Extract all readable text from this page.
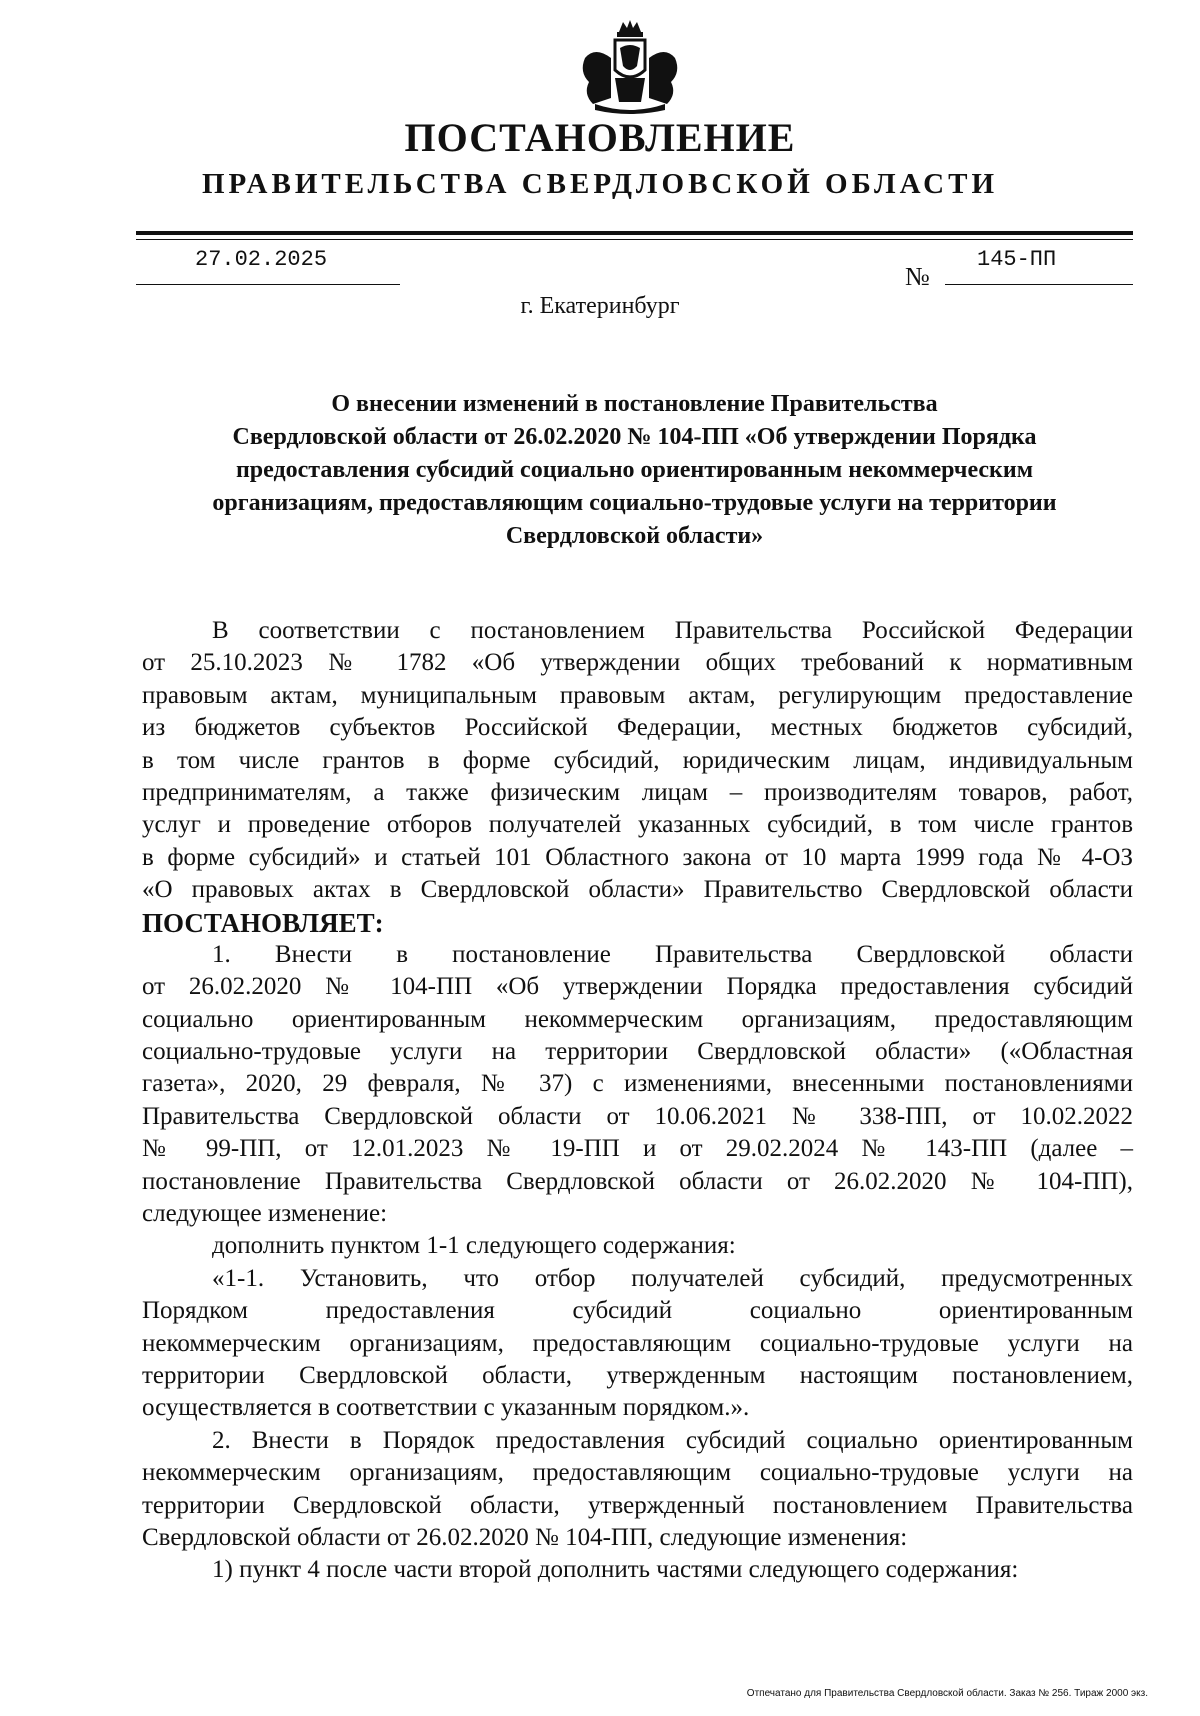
ПОСТАНОВЛЕНИЕ
ПРАВИТЕЛЬСТВА СВЕРДЛОВСКОЙ ОБЛАСТИ
27.02.2025
№
145-ПП
г. Екатеринбург
О внесении изменений в постановление Правительства
Свердловской области от 26.02.2020 № 104-ПП «Об утверждении Порядка
предоставления субсидий социально ориентированным некоммерческим
организациям, предоставляющим социально-трудовые услуги на территории
Свердловской области»
В соответствии с постановлением Правительства Российской Федерации
от 25.10.2023 № 1782 «Об утверждении общих требований к нормативным
правовым актам, муниципальным правовым актам, регулирующим предоставление
из бюджетов субъектов Российской Федерации, местных бюджетов субсидий,
в том числе грантов в форме субсидий, юридическим лицам, индивидуальным
предпринимателям, а также физическим лицам – производителям товаров, работ,
услуг и проведение отборов получателей указанных субсидий, в том числе грантов
в форме субсидий» и статьей 101 Областного закона от 10 марта 1999 года № 4-ОЗ
«О правовых актах в Свердловской области» Правительство Свердловской области
ПОСТАНОВЛЯЕТ:
1. Внести в постановление Правительства Свердловской области
от 26.02.2020 № 104-ПП «Об утверждении Порядка предоставления субсидий
социально ориентированным некоммерческим организациям, предоставляющим
социально-трудовые услуги на территории Свердловской области» («Областная
газета», 2020, 29 февраля, № 37) с изменениями, внесенными постановлениями
Правительства Свердловской области от 10.06.2021 № 338-ПП, от 10.02.2022
№ 99-ПП, от 12.01.2023 № 19-ПП и от 29.02.2024 № 143-ПП (далее –
постановление Правительства Свердловской области от 26.02.2020 № 104-ПП),
следующее изменение:
дополнить пунктом 1-1 следующего содержания:
«1-1. Установить, что отбор получателей субсидий, предусмотренных
Порядком предоставления субсидий социально ориентированным
некоммерческим организациям, предоставляющим социально-трудовые услуги на
территории Свердловской области, утвержденным настоящим постановлением,
осуществляется в соответствии с указанным порядком.».
2. Внести в Порядок предоставления субсидий социально ориентированным
некоммерческим организациям, предоставляющим социально-трудовые услуги на
территории Свердловской области, утвержденный постановлением Правительства
Свердловской области от 26.02.2020 № 104-ПП, следующие изменения:
1) пункт 4 после части второй дополнить частями следующего содержания:
Отпечатано для Правительства Свердловской области. Заказ № 256. Тираж 2000 экз.
